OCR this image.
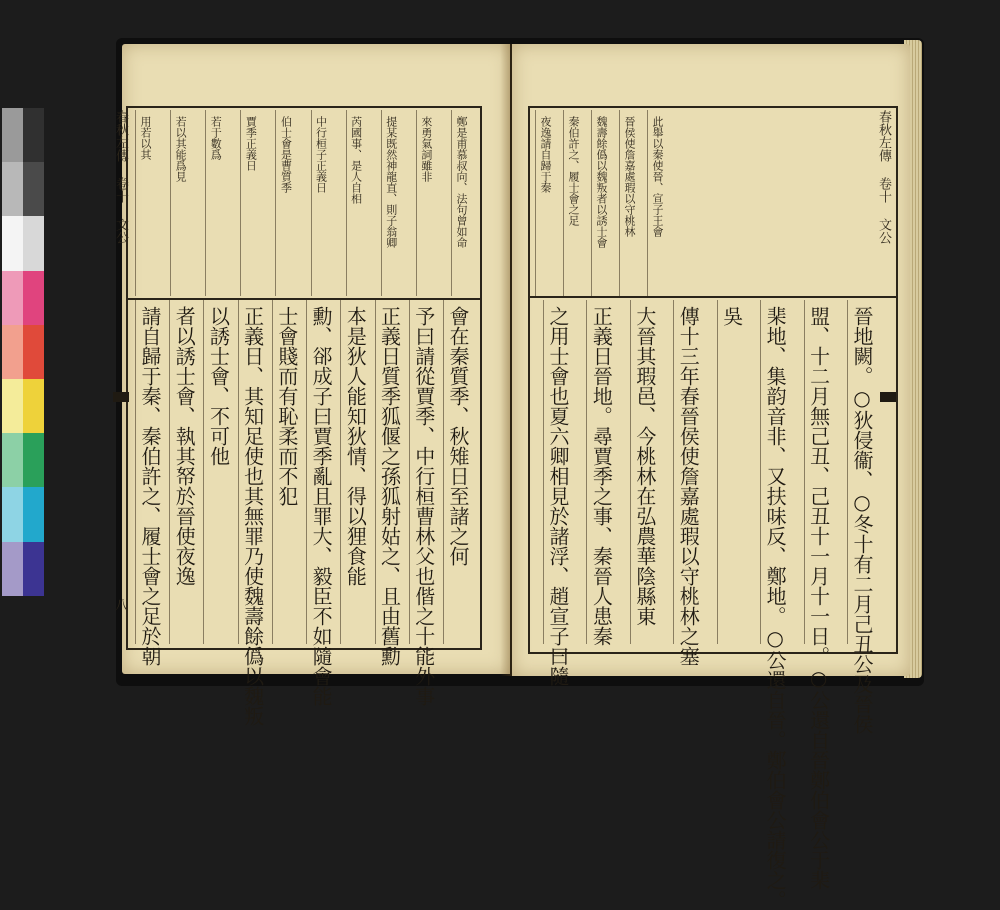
春秋左傳 卷十 文公
八
鄭是甫慕叔向、法句曾如命
來勇氣詞雖非
提某既然神龍直、則子翁卿
芮國事、是人自相
中行桓子正義日
伯士會是曹質季
賈季正義日
若于數爲
若以其能爲見
用若以其
會在秦質季、秋雉日至諸之何
予曰請從賈季、中行桓曹林父也偕之十能外事
正義日質季狐偃之孫狐射姑之、且由舊勳
本是狄人能知狄情、得以狸食能
勳、郤成子曰賈季亂且罪大、毅臣不如隨會能
士會賤而有恥柔而不犯
正義日、其知足使也其無罪乃使魏壽餘僞以魏叛
以誘士會、不可他
者以誘士會、執其帑於晉使夜逸
請自歸于秦、秦伯許之、履士會之足於朝
春秋左傳 卷十 文公
此舉以秦使晉、宣子王會
晉侯使詹嘉處瑕以守桃林
魏壽餘僞以魏叛者以誘士會
秦伯許之、履士會之足
夜逸請自歸于秦
晉地闕。○狄侵衞、○冬十有二月己丑公及晉侯
盟、十二月無己丑、己丑十一月十一日。○公還自晉鄭伯會公于棐
棐地、集韵音非、又扶味反、鄭地。○公還自晉。鄭伯會公請復之。
吳
傳十三年春晉侯使詹嘉處瑕以守桃林之塞
大晉其瑕邑、今桃林在弘農華陰縣東
正義日晉地。尋賈季之事、秦晉人患秦
之用士會也夏六卿相見於諸浮、趙宣子曰隨
